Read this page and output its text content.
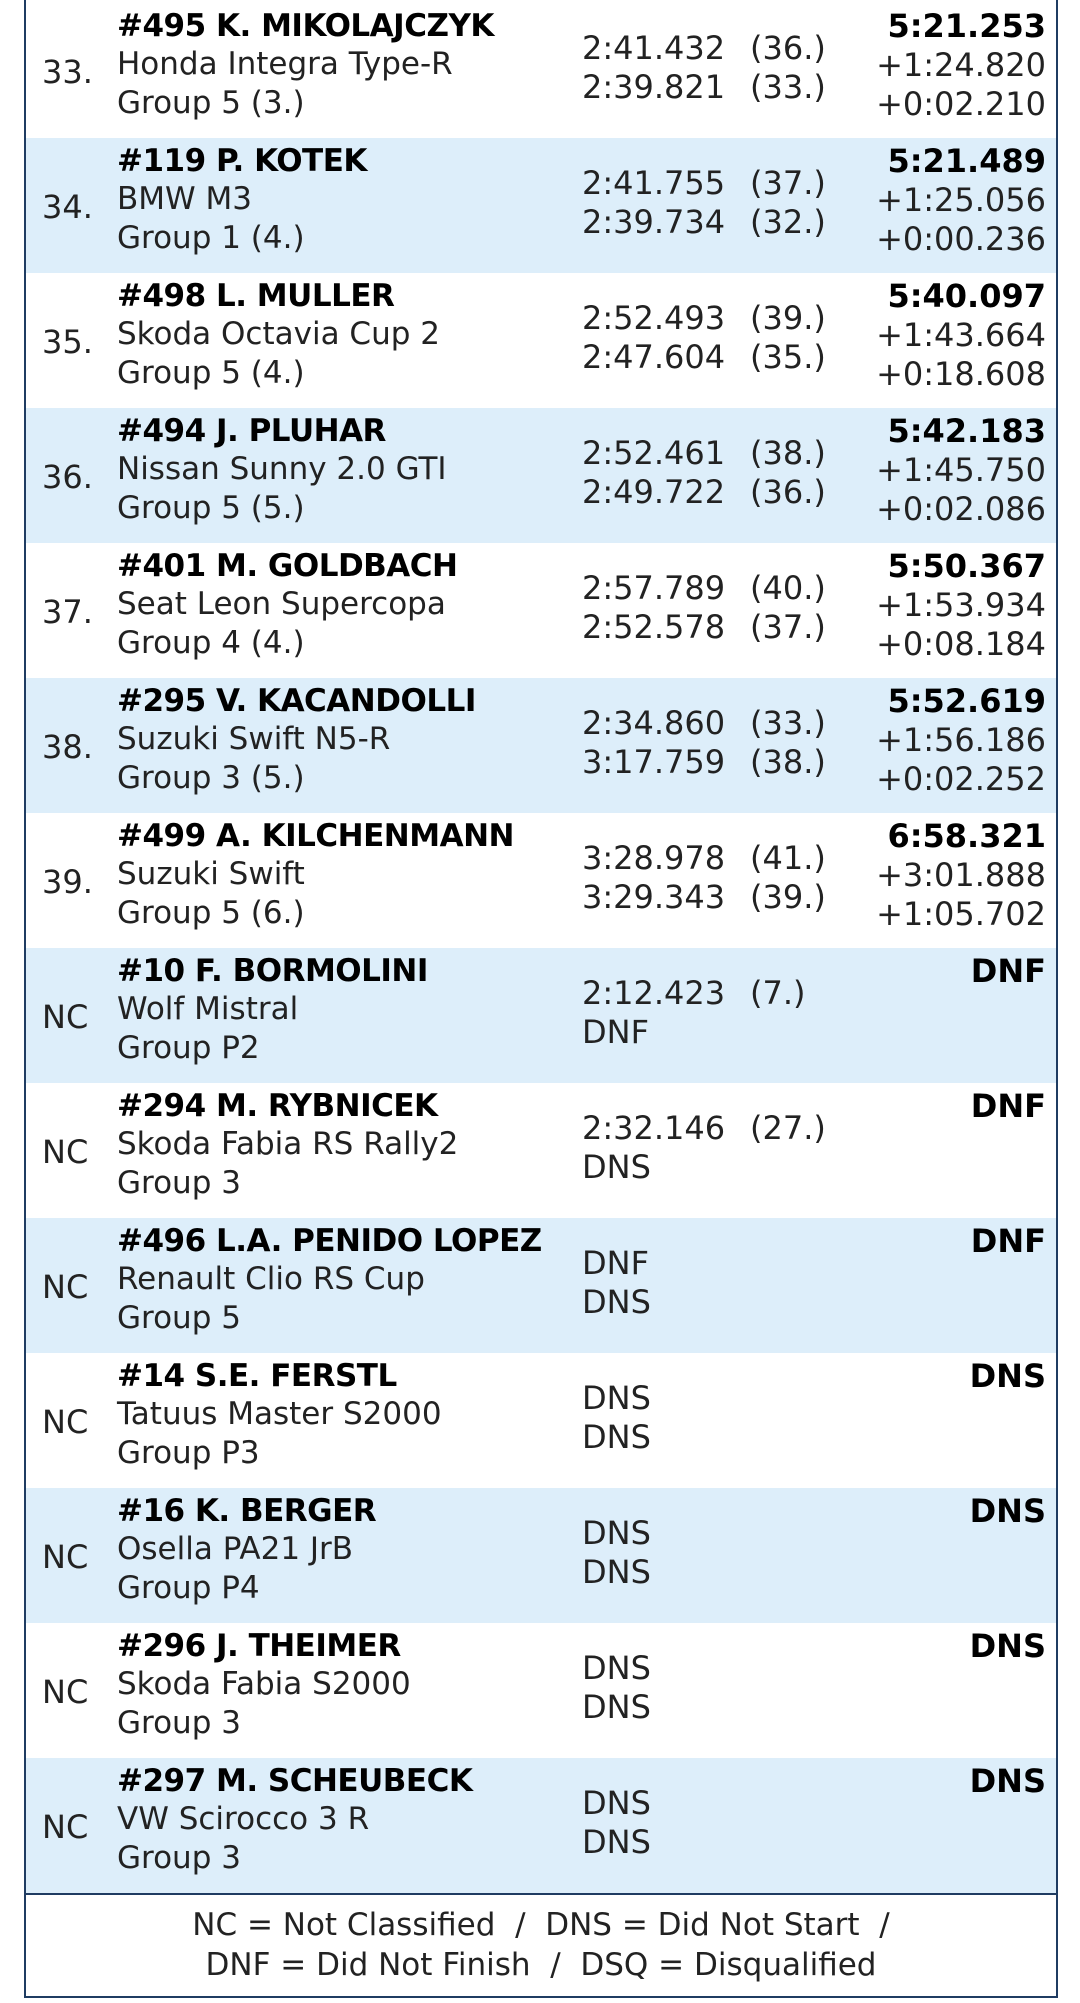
33.
#495 K. MIKOLAJCZYK
Honda Integra Type-R
Group 5 (3.)
2:41.432 (36.)
2:39.821 (33.)
5:21.253
+1:24.820
+0:02.210
34.
#119 P. KOTEK
BMW M3
Group 1 (4.)
2:41.755 (37.)
2:39.734 (32.)
5:21.489
+1:25.056
+0:00.236
35.
#498 L. MULLER
Skoda Octavia Cup 2
Group 5 (4.)
2:52.493 (39.)
2:47.604 (35.)
5:40.097
+1:43.664
+0:18.608
36.
#494 J. PLUHAR
Nissan Sunny 2.0 GTI
Group 5 (5.)
2:52.461 (38.)
2:49.722 (36.)
5:42.183
+1:45.750
+0:02.086
37.
#401 M. GOLDBACH
Seat Leon Supercopa
Group 4 (4.)
2:57.789 (40.)
2:52.578 (37.)
5:50.367
+1:53.934
+0:08.184
38.
#295 V. KACANDOLLI
Suzuki Swift N5-R
Group 3 (5.)
2:34.860 (33.)
3:17.759 (38.)
5:52.619
+1:56.186
+0:02.252
39.
#499 A. KILCHENMANN
Suzuki Swift
Group 5 (6.)
3:28.978 (41.)
3:29.343 (39.)
6:58.321
+3:01.888
+1:05.702
NC
#10 F. BORMOLINI
Wolf Mistral
Group P2
2:12.423 (7.)
DNF
DNF
NC
#294 M. RYBNICEK
Skoda Fabia RS Rally2
Group 3
2:32.146 (27.)
DNS
DNF
NC
#496 L.A. PENIDO LOPEZ
Renault Clio RS Cup
Group 5
DNF
DNS
DNF
NC
#14 S.E. FERSTL
Tatuus Master S2000
Group P3
DNS
DNS
DNS
NC
#16 K. BERGER
Osella PA21 JrB
Group P4
DNS
DNS
DNS
NC
#296 J. THEIMER
Skoda Fabia S2000
Group 3
DNS
DNS
DNS
NC
#297 M. SCHEUBECK
VW Scirocco 3 R
Group 3
DNS
DNS
DNS
NC = Not Classified  /  DNS = Did Not Start  /
DNF = Did Not Finish  /  DSQ = Disqualified
